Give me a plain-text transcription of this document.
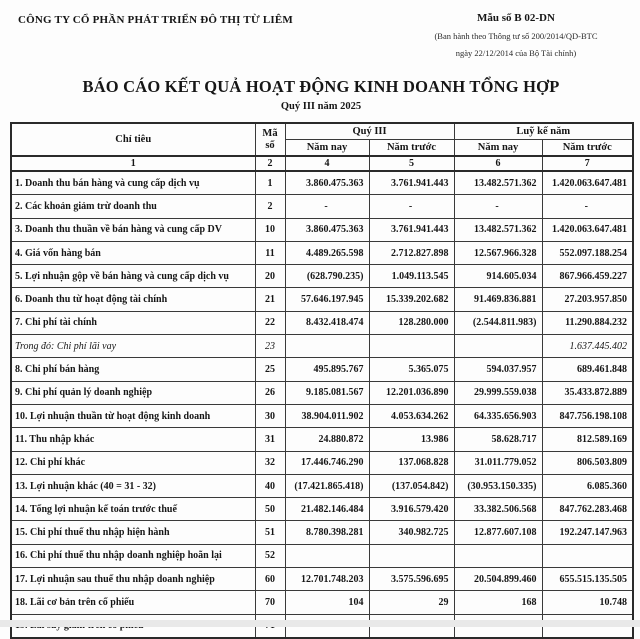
CÔNG TY CỔ PHẦN PHÁT TRIỂN ĐÔ THỊ TỪ LIÊM	Mẫu số B 02-DN
(Ban hành theo Thông tư số 200/2014/QD-BTC
ngày 22/12/2014 của Bộ Tài chính)
BÁO CÁO KẾT QUẢ HOẠT ĐỘNG KINH DOANH TỔNG HỢP
Quý III năm 2025
Chỉ tiêu	Mã số	Quý III		Luỹ kế năm	
		Năm nay	Năm trước	Năm nay	Năm trước
1	2	4	5	6	7
1. Doanh thu bán hàng và cung cấp dịch vụ	1	3.860.475.363	3.761.941.443	13.482.571.362	1.420.063.647.481
2. Các khoản giảm trừ doanh thu	2	-	-	-	-
3. Doanh thu thuần về bán hàng và cung cấp DV	10	3.860.475.363	3.761.941.443	13.482.571.362	1.420.063.647.481
4. Giá vốn hàng bán	11	4.489.265.598	2.712.827.898	12.567.966.328	552.097.188.254
5. Lợi nhuận gộp về bán hàng và cung cấp dịch vụ	20	(628.790.235)	1.049.113.545	914.605.034	867.966.459.227
6. Doanh thu từ hoạt động tài chính	21	57.646.197.945	15.339.202.682	91.469.836.881	27.203.957.850
7. Chi phí tài chính	22	8.432.418.474	128.280.000	(2.544.811.983)	11.290.884.232
Trong đó: Chi phí lãi vay	23				1.637.445.402
8. Chi phí bán hàng	25	495.895.767	5.365.075	594.037.957	689.461.848
9. Chi phí quản lý doanh nghiệp	26	9.185.081.567	12.201.036.890	29.999.559.038	35.433.872.889
10. Lợi nhuận thuần từ hoạt động kinh doanh	30	38.904.011.902	4.053.634.262	64.335.656.903	847.756.198.108
11. Thu nhập khác	31	24.880.872	13.986	58.628.717	812.589.169
12. Chi phí khác	32	17.446.746.290	137.068.828	31.011.779.052	806.503.809
13. Lợi nhuận khác (40 = 31 - 32)	40	(17.421.865.418)	(137.054.842)	(30.953.150.335)	6.085.360
14. Tổng lợi nhuận kế toán trước thuế	50	21.482.146.484	3.916.579.420	33.382.506.568	847.762.283.468
15. Chi phí thuế thu nhập hiện hành	51	8.780.398.281	340.982.725	12.877.607.108	192.247.147.963
16. Chi phí thuế thu nhập doanh nghiệp hoãn lại	52				
17. Lợi nhuận sau thuế thu nhập doanh nghiệp	60	12.701.748.203	3.575.596.695	20.504.899.460	655.515.135.505
18. Lãi cơ bản trên cổ phiếu	70	104	29	168	10.748
